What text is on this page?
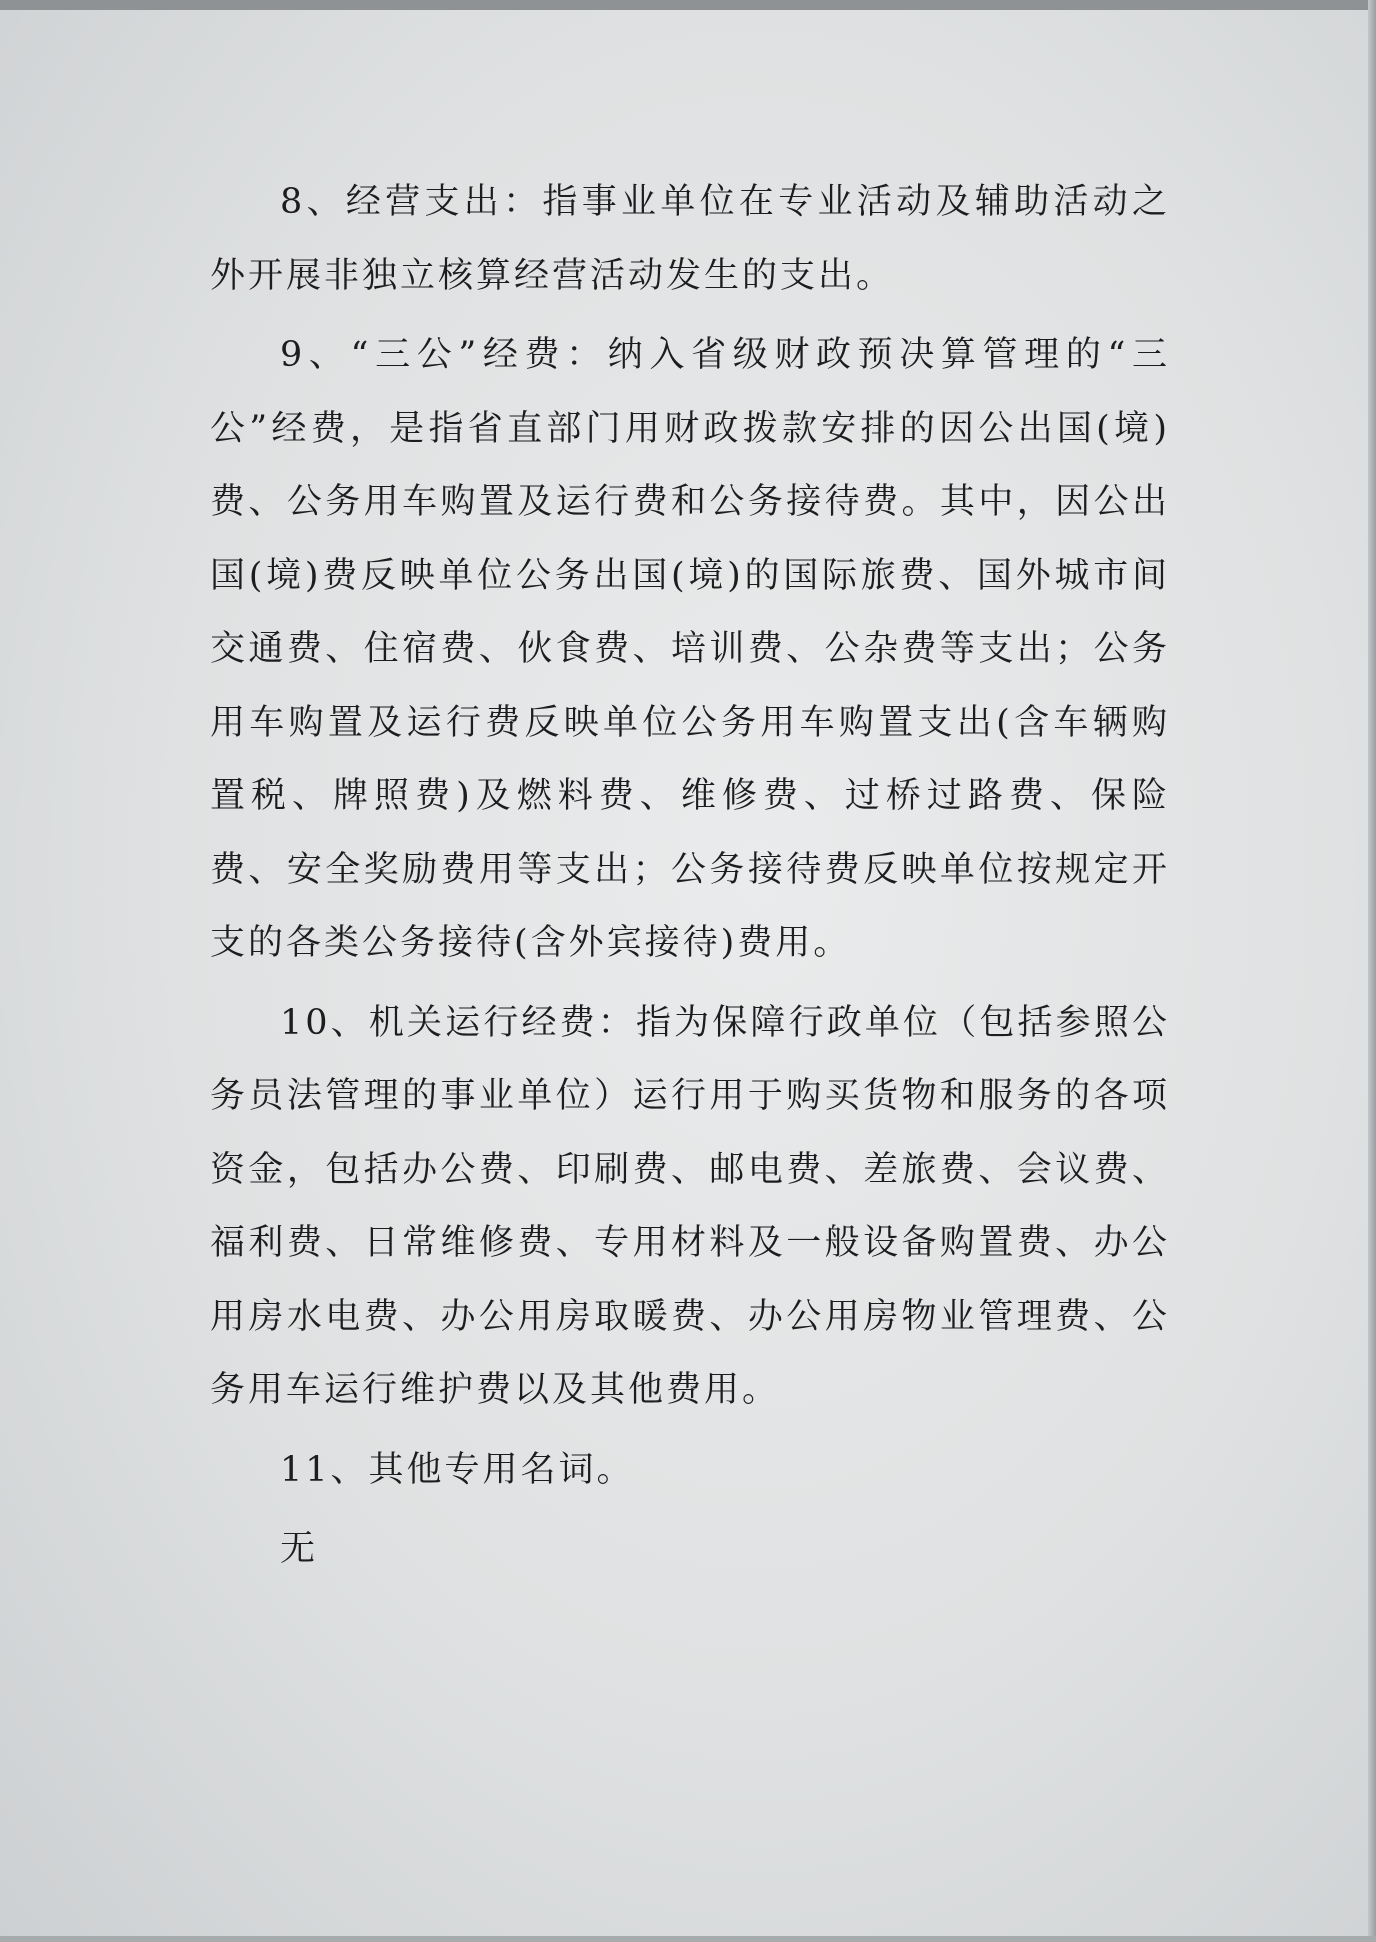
8、经营支出：指事业单位在专业活动及辅助活动之外开展非独立核算经营活动发生的支出。

9、“三公”经费：纳入省级财政预决算管理的“三公”经费，是指省直部门用财政拨款安排的因公出国(境)费、公务用车购置及运行费和公务接待费。其中，因公出国(境)费反映单位公务出国(境)的国际旅费、国外城市间交通费、住宿费、伙食费、培训费、公杂费等支出；公务用车购置及运行费反映单位公务用车购置支出(含车辆购置税、牌照费)及燃料费、维修费、过桥过路费、保险费、安全奖励费用等支出；公务接待费反映单位按规定开支的各类公务接待(含外宾接待)费用。

10、机关运行经费：指为保障行政单位（包括参照公务员法管理的事业单位）运行用于购买货物和服务的各项资金，包括办公费、印刷费、邮电费、差旅费、会议费、福利费、日常维修费、专用材料及一般设备购置费、办公用房水电费、办公用房取暖费、办公用房物业管理费、公务用车运行维护费以及其他费用。

11、其他专用名词。

无
